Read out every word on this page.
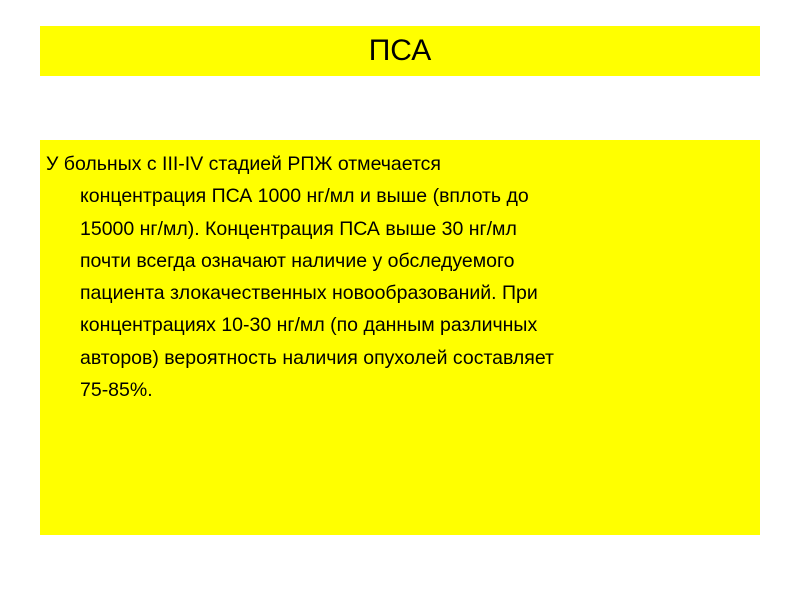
ПСА

У больных с III-IV стадией РПЖ отмечается
концентрация ПСА 1000 нг/мл и выше (вплоть до
15000 нг/мл). Концентрация ПСА выше 30 нг/мл
почти всегда означают наличие у обследуемого
пациента злокачественных новообразований. При
концентрациях 10-30 нг/мл (по данным различных
авторов) вероятность наличия опухолей составляет
75-85%.
